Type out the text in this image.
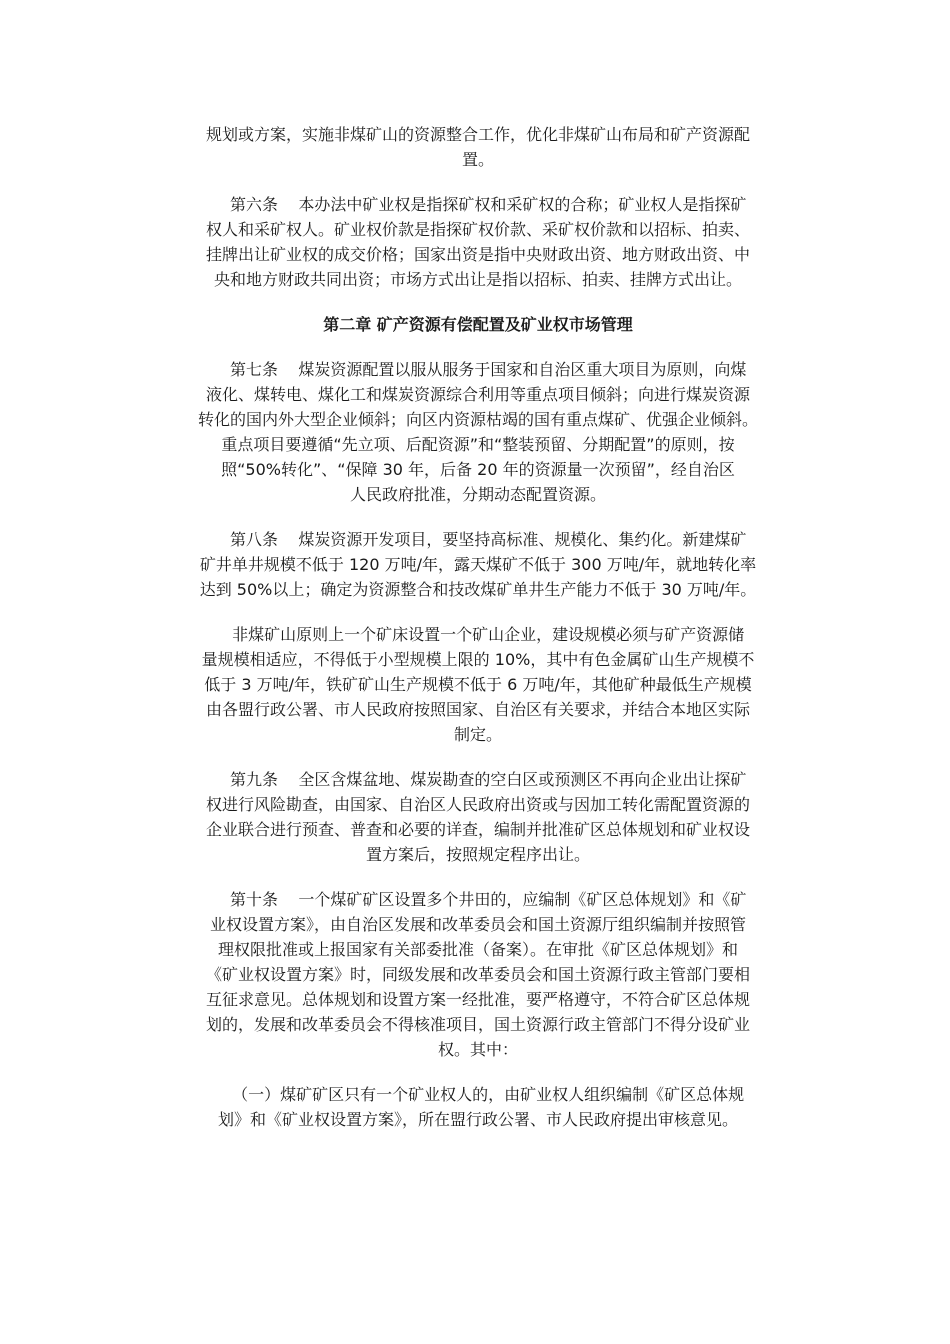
规划或方案，实施非煤矿山的资源整合工作，优化非煤矿山布局和矿产资源配
置。
第六条    本办法中矿业权是指探矿权和采矿权的合称；矿业权人是指探矿
权人和采矿权人。矿业权价款是指探矿权价款、采矿权价款和以招标、拍卖、
挂牌出让矿业权的成交价格；国家出资是指中央财政出资、地方财政出资、中
央和地方财政共同出资；市场方式出让是指以招标、拍卖、挂牌方式出让。
第二章 矿产资源有偿配置及矿业权市场管理
第七条    煤炭资源配置以服从服务于国家和自治区重大项目为原则，向煤
液化、煤转电、煤化工和煤炭资源综合利用等重点项目倾斜；向进行煤炭资源
转化的国内外大型企业倾斜；向区内资源枯竭的国有重点煤矿、优强企业倾斜。
重点项目要遵循“先立项、后配资源”和“整装预留、分期配置”的原则，按
照“50%转化”、“保障 30 年，后备 20 年的资源量一次预留”，经自治区
人民政府批准，分期动态配置资源。
第八条    煤炭资源开发项目，要坚持高标准、规模化、集约化。新建煤矿
矿井单井规模不低于 120 万吨/年，露天煤矿不低于 300 万吨/年，就地转化率
达到 50%以上；确定为资源整合和技改煤矿单井生产能力不低于 30 万吨/年。
非煤矿山原则上一个矿床设置一个矿山企业，建设规模必须与矿产资源储
量规模相适应，不得低于小型规模上限的 10%，其中有色金属矿山生产规模不
低于 3 万吨/年，铁矿矿山生产规模不低于 6 万吨/年，其他矿种最低生产规模
由各盟行政公署、市人民政府按照国家、自治区有关要求，并结合本地区实际
制定。
第九条    全区含煤盆地、煤炭勘查的空白区或预测区不再向企业出让探矿
权进行风险勘查，由国家、自治区人民政府出资或与因加工转化需配置资源的
企业联合进行预查、普查和必要的详查，编制并批准矿区总体规划和矿业权设
置方案后，按照规定程序出让。
第十条    一个煤矿矿区设置多个井田的，应编制《矿区总体规划》和《矿
业权设置方案》，由自治区发展和改革委员会和国土资源厅组织编制并按照管
理权限批准或上报国家有关部委批准（备案）。在审批《矿区总体规划》和
《矿业权设置方案》时，同级发展和改革委员会和国土资源行政主管部门要相
互征求意见。总体规划和设置方案一经批准，要严格遵守，不符合矿区总体规
划的，发展和改革委员会不得核准项目，国土资源行政主管部门不得分设矿业
权。其中：
（一）煤矿矿区只有一个矿业权人的，由矿业权人组织编制《矿区总体规
划》和《矿业权设置方案》，所在盟行政公署、市人民政府提出审核意见。
